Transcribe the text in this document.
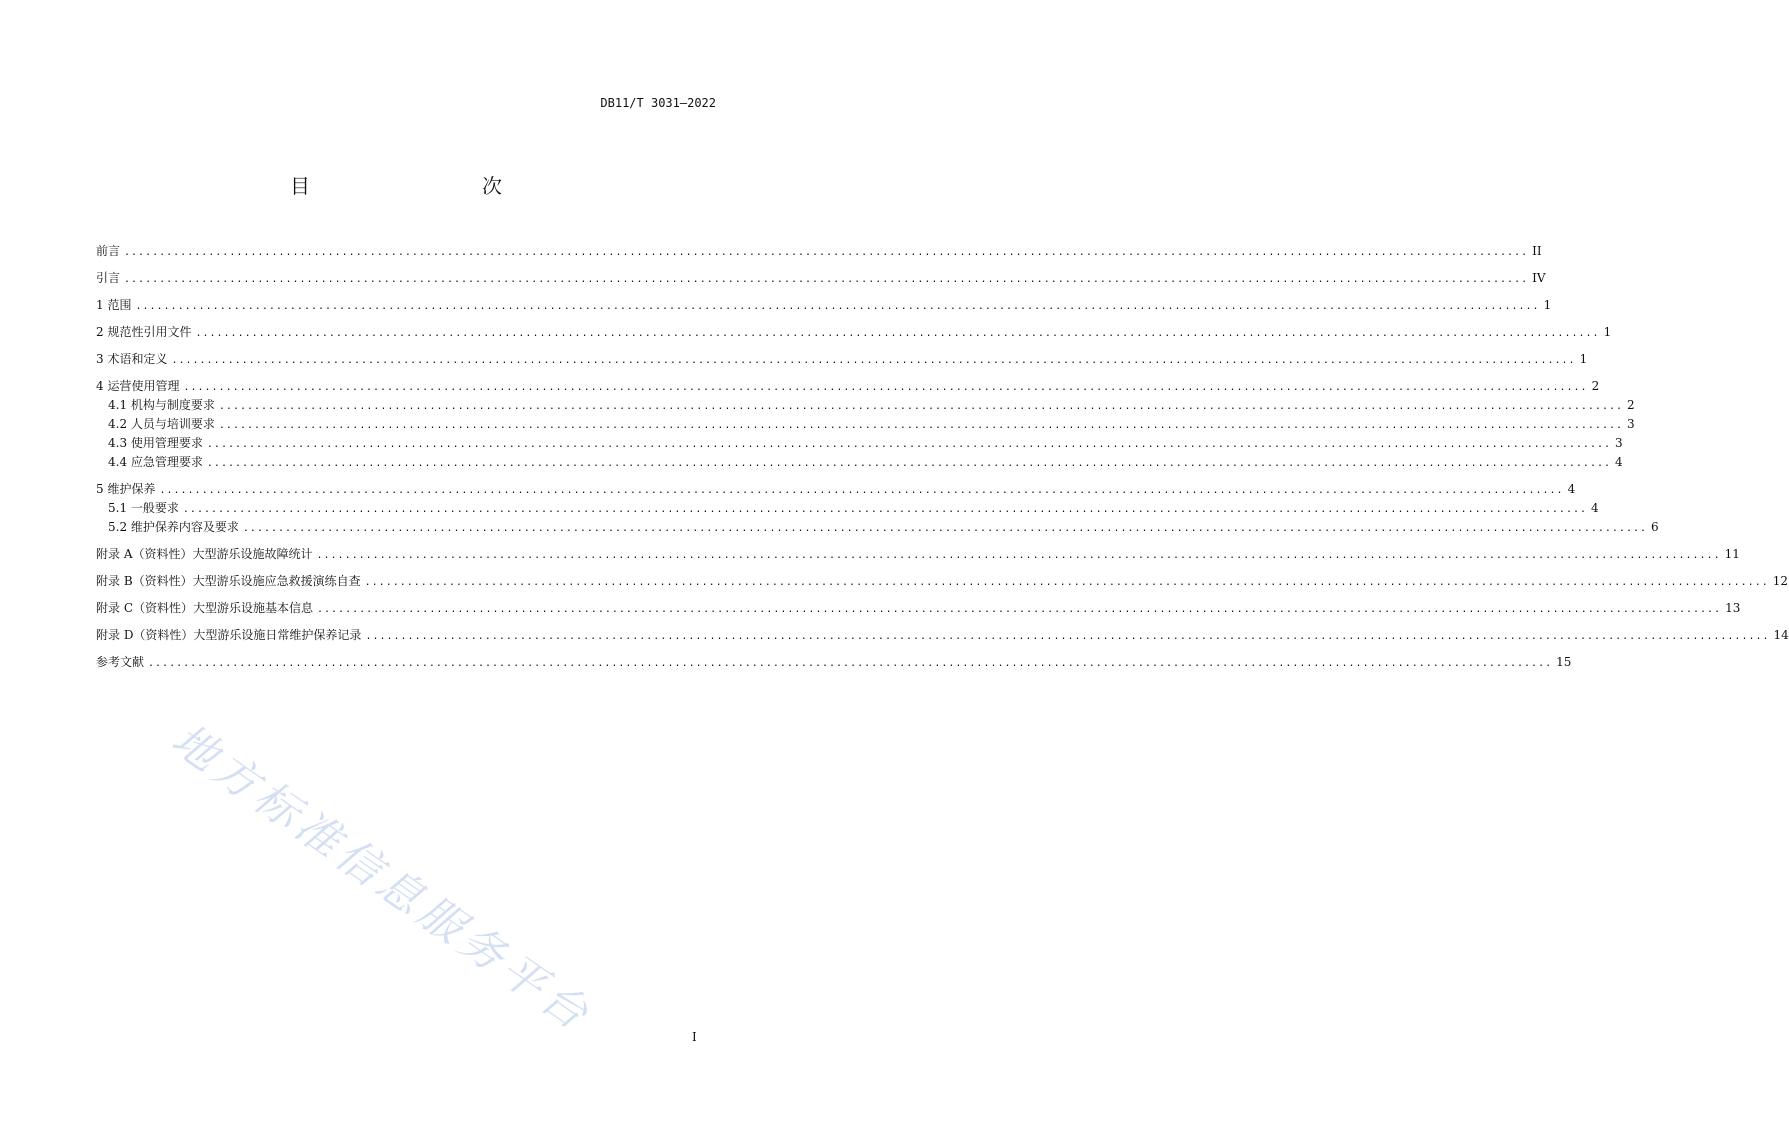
DB11/T 3031—2022
目　　次
前言 ........................................................................................................................................................................................................ II
引言 ........................................................................................................................................................................................................ IV
1 范围 ........................................................................................................................................................................................................ 1
2 规范性引用文件 ........................................................................................................................................................................................................ 1
3 术语和定义 ........................................................................................................................................................................................................ 1
4 运营使用管理 ........................................................................................................................................................................................................ 2
4.1 机构与制度要求 ........................................................................................................................................................................................................ 2
4.2 人员与培训要求 ........................................................................................................................................................................................................ 3
4.3 使用管理要求 ........................................................................................................................................................................................................ 3
4.4 应急管理要求 ........................................................................................................................................................................................................ 4
5 维护保养 ........................................................................................................................................................................................................ 4
5.1 一般要求 ........................................................................................................................................................................................................ 4
5.2 维护保养内容及要求 ........................................................................................................................................................................................................ 6
附录 A（资料性）大型游乐设施故障统计 ........................................................................................................................................................................................................ 11
附录 B（资料性）大型游乐设施应急救援演练自查 ........................................................................................................................................................................................................ 12
附录 C（资料性）大型游乐设施基本信息 ........................................................................................................................................................................................................ 13
附录 D（资料性）大型游乐设施日常维护保养记录 ........................................................................................................................................................................................................ 14
参考文献 ........................................................................................................................................................................................................ 15
地方标准信息服务平台	I
